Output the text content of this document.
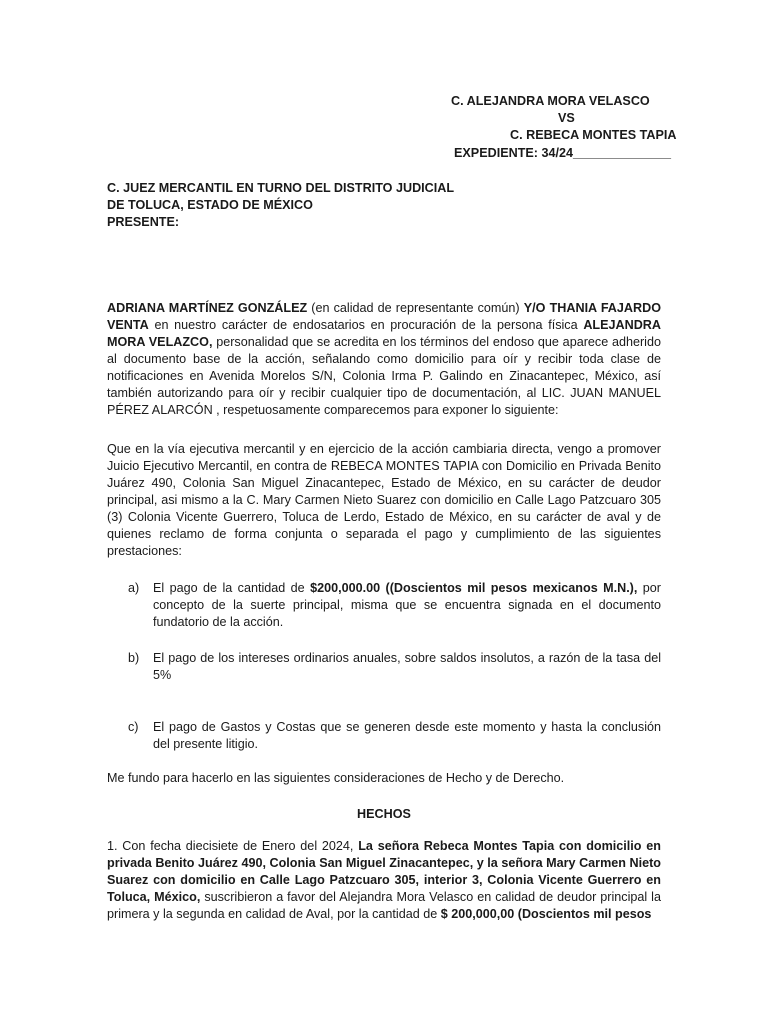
C. ALEJANDRA MORA VELASCO
VS
C. REBECA MONTES TAPIA
EXPEDIENTE: 34/24______________
C. JUEZ MERCANTIL EN TURNO DEL DISTRITO JUDICIAL
DE TOLUCA, ESTADO DE MÉXICO
PRESENTE:

ADRIANA MARTÍNEZ GONZÁLEZ (en calidad de representante común) Y/O THANIA FAJARDO VENTA en nuestro carácter de endosatarios en procuración de la persona física ALEJANDRA MORA VELAZCO, personalidad que se acredita en los términos del endoso que aparece adherido al documento base de la acción, señalando como domicilio para oír y recibir toda clase de notificaciones en Avenida Morelos S/N, Colonia Irma P. Galindo en Zinacantepec, México, así también autorizando para oír y recibir cualquier tipo de documentación, al LIC. JUAN MANUEL PÉREZ ALARCÓN , respetuosamente comparecemos para exponer lo siguiente:

Que en la vía ejecutiva mercantil y en ejercicio de la acción cambiaria directa, vengo a promover Juicio Ejecutivo Mercantil, en contra de REBECA MONTES TAPIA con Domicilio en Privada Benito Juárez 490, Colonia San Miguel Zinacantepec, Estado de México, en su carácter de deudor principal, asi mismo a la C. Mary Carmen Nieto Suarez con domicilio en Calle Lago Patzcuaro 305 (3) Colonia Vicente Guerrero, Toluca de Lerdo, Estado de México, en su carácter de aval y de quienes reclamo de forma conjunta o separada el pago y cumplimiento de las siguientes prestaciones:

a)	El pago de la cantidad de $200,000.00 ((Doscientos mil pesos mexicanos M.N.), por concepto de la suerte principal, misma que se encuentra signada en el documento fundatorio de la acción.
b)	El pago de los intereses ordinarios anuales, sobre saldos insolutos, a razón de la tasa del 5%
c)	El pago de Gastos y Costas que se generen desde este momento y hasta la conclusión del presente litigio.

Me fundo para hacerlo en las siguientes consideraciones de Hecho y de Derecho.

HECHOS

1. Con fecha diecisiete de Enero del 2024, La señora Rebeca Montes Tapia con domicilio en privada Benito Juárez 490, Colonia San Miguel Zinacantepec, y la señora Mary Carmen Nieto Suarez con domicilio en Calle Lago Patzcuaro 305, interior 3, Colonia Vicente Guerrero en Toluca, México, suscribieron a favor del Alejandra Mora Velasco en calidad de deudor principal la primera y la segunda en calidad de Aval, por la cantidad de $ 200,000,00 (Doscientos mil pesos
